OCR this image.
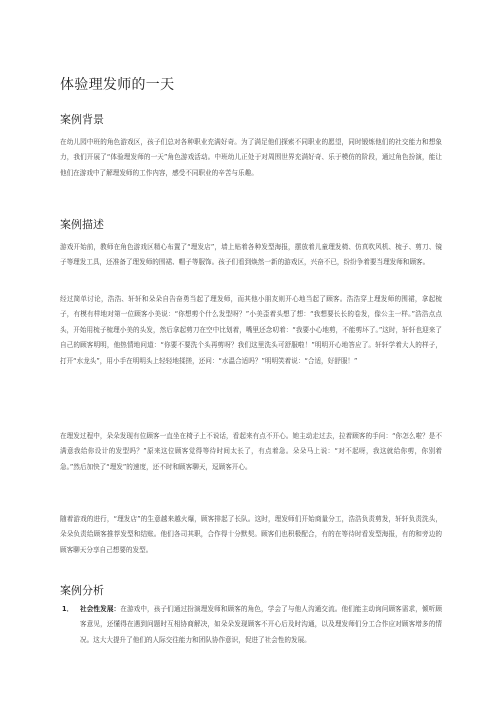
体验理发师的一天
案例背景

在幼儿园中班的角色游戏区，孩子们总对各种职业充满好奇。为了满足他们探索不同职业的愿望，同时锻炼他们的社交能力和想象力，我们开展了“体验理发师的一天”角色游戏活动。中班幼儿正处于对周围世界充满好奇、乐于模仿的阶段，通过角色扮演，能让他们在游戏中了解理发师的工作内容，感受不同职业的辛苦与乐趣。

案例描述

游戏开始前，教师在角色游戏区精心布置了“理发店”，墙上贴着各种发型海报，摆放着儿童理发椅、仿真吹风机、梳子、剪刀、镜子等理发工具，还准备了理发师的围裙、帽子等服饰。孩子们看到焕然一新的游戏区，兴奋不已，纷纷争着要当理发师和顾客。

经过简单讨论，浩浩、轩轩和朵朵自告奋勇当起了理发师，而其他小朋友则开心地当起了顾客。浩浩穿上理发师的围裙，拿起梳子，有模有样地对第一位顾客小美说：“你想剪个什么发型呀？”小美歪着头想了想：“我想要长长的卷发，像公主一样。”浩浩点点头，开始用梳子梳理小美的头发，然后拿起剪刀在空中比划着，嘴里还念叨着：“我要小心地剪，不能剪坏了。”这时，轩轩也迎来了自己的顾客明明，他热情地问道：“你要不要洗个头再剪呀？我们这里洗头可舒服啦！”明明开心地答应了。轩轩学着大人的样子，打开“水龙头”，用小手在明明头上轻轻地揉搓，还问：“水温合适吗？”明明笑着说：“合适，好舒服！”

在理发过程中，朵朵发现有位顾客一直坐在椅子上不说话，看起来有点不开心。她主动走过去，拉着顾客的手问：“你怎么啦？是不满意我给你设计的发型吗？”原来这位顾客觉得等待时间太长了，有点着急。朵朵马上说：“对不起呀，我这就给你剪，你别着急。”然后加快了“理发”的速度，还不时和顾客聊天，逗顾客开心。

随着游戏的进行，“理发店”的生意越来越火爆，顾客排起了长队。这时，理发师们开始商量分工，浩浩负责剪发，轩轩负责洗头，朵朵负责给顾客推荐发型和结账。他们各司其职，合作得十分默契。顾客们也积极配合，有的在等待时看发型海报，有的和旁边的顾客聊天分享自己想要的发型。

案例分析
1． 社会性发展：在游戏中，孩子们通过扮演理发师和顾客的角色，学会了与他人沟通交流。他们能主动询问顾客需求，倾听顾客意见，还懂得在遇到问题时互相协商解决，如朵朵发现顾客不开心后及时沟通，以及理发师们分工合作应对顾客增多的情况。这大大提升了他们的人际交往能力和团队协作意识，促进了社会性的发展。
